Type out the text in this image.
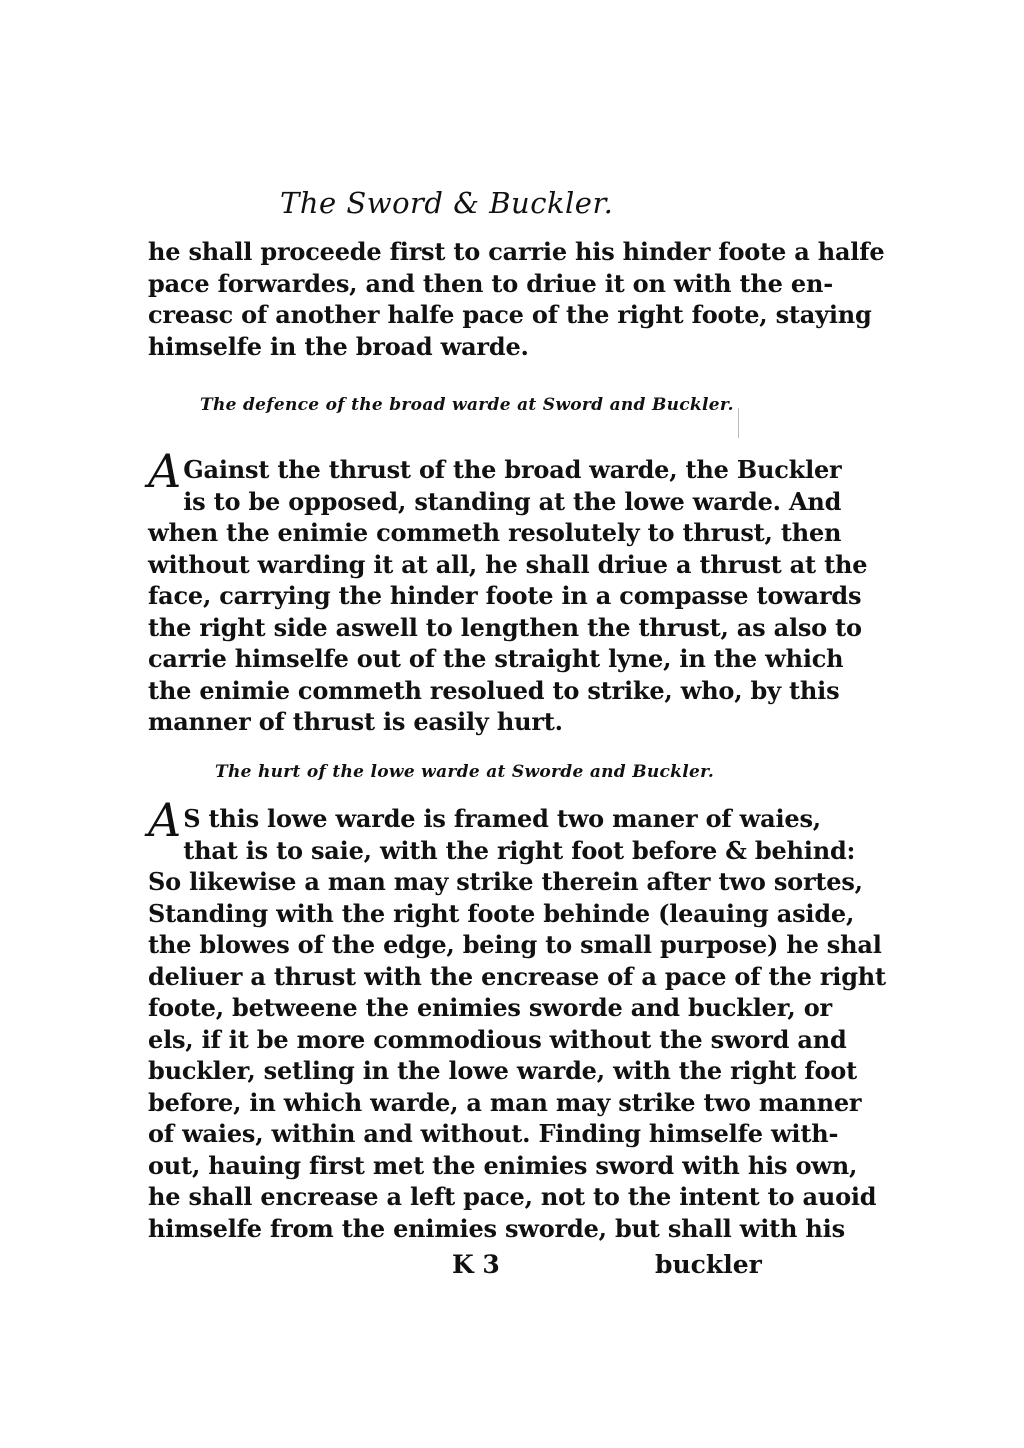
The Sword & Buckler.
he shall proceede first to carrie his hinder foote a halfe
pace forwardes, and then to driue it on with the en-
creasc of another halfe pace of the right foote, staying
himselfe in the broad warde.
The defence of the broad warde at Sword and Buckler.
A Gainst the thrust of the broad warde, the Buckler
is to be opposed, standing at the lowe warde. And
when the enimie commeth resolutely to thrust, then
without warding it at all, he shall driue a thrust at the
face, carrying the hinder foote in a compasse towards
the right side aswell to lengthen the thrust, as also to
carrie himselfe out of the straight lyne, in the which
the enimie commeth resolued to strike, who, by this
manner of thrust is easily hurt.
The hurt of the lowe warde at Sworde and Buckler.
A S this lowe warde is framed two maner of waies,
that is to saie, with the right foot before & behind:
So likewise a man may strike therein after two sortes,
Standing with the right foote behinde (leauing aside,
the blowes of the edge, being to small purpose) he shal
deliuer a thrust with the encrease of a pace of the right
foote, betweene the enimies sworde and buckler, or
els, if it be more commodious without the sword and
buckler, setling in the lowe warde, with the right foot
before, in which warde, a man may strike two manner
of waies, within and without. Finding himselfe with-
out, hauing first met the enimies sword with his own,
he shall encrease a left pace, not to the intent to auoid
himselfe from the enimies sworde, but shall with his
K 3	buckler
